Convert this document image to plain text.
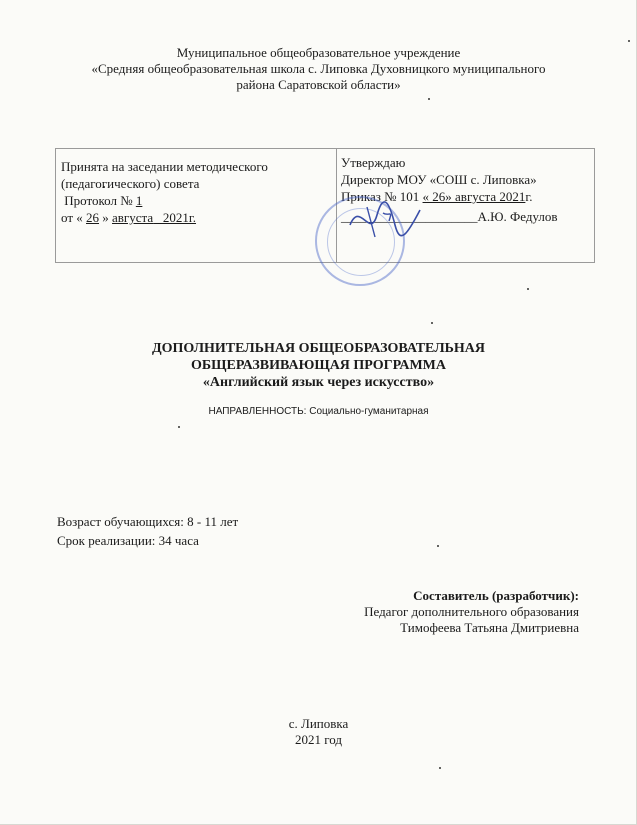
Муниципальное общеобразовательное учреждение
«Средняя общеобразовательная школа с. Липовка Духовницкого муниципального
района Саратовской области»
Принята на заседании методического
(педагогического) совета
Протокол № 1
от « 26 » августа   2021г.
Утверждаю
Директор МОУ «СОШ с. Липовка»
Приказ № 101 « 26» августа 2021г.
_____________________А.Ю. Федулов
ДОПОЛНИТЕЛЬНАЯ ОБЩЕОБРАЗОВАТЕЛЬНАЯ
ОБЩЕРАЗВИВАЮЩАЯ ПРОГРАММА
«Английский язык через искусство»
НАПРАВЛЕННОСТЬ: Социально-гуманитарная
Возраст обучающихся: 8 - 11 лет
Срок реализации: 34 часа
Составитель (разработчик):
Педагог дополнительного образования
Тимофеева Татьяна Дмитриевна
с. Липовка
2021 год
